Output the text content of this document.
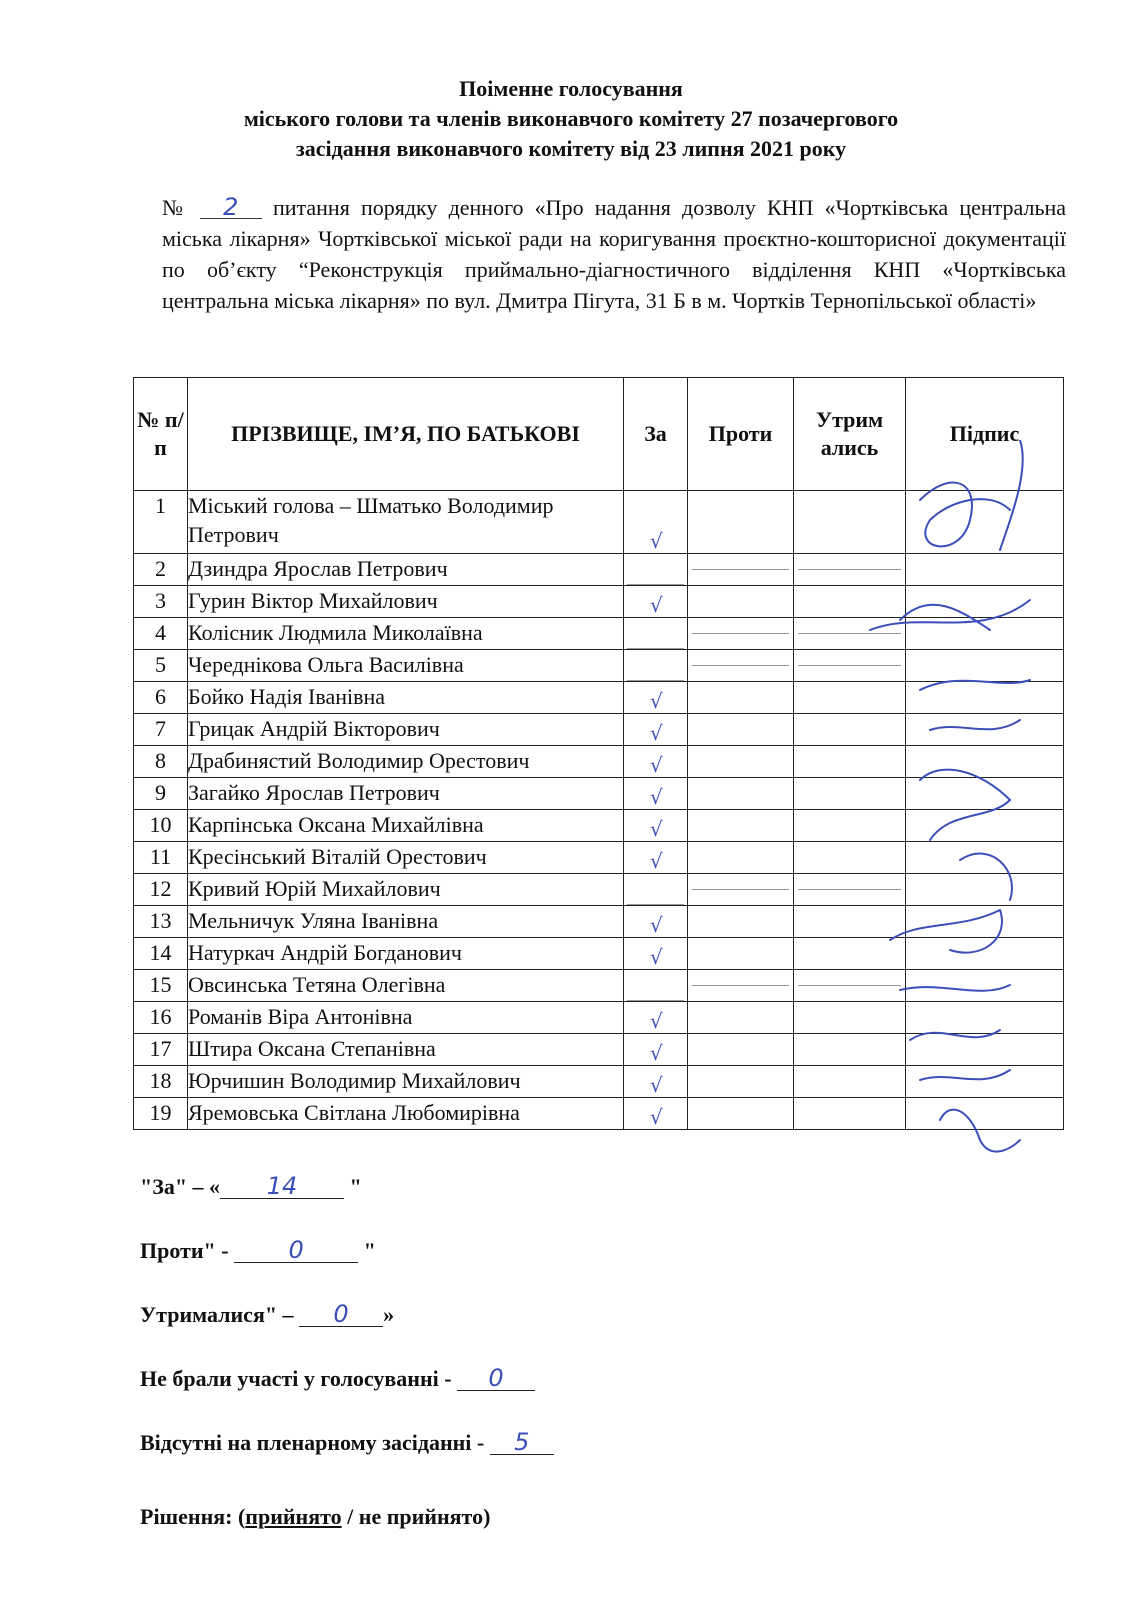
Поіменне голосування
міського голови та членів виконавчого комітету 27 позачергового
засідання виконавчого комітету від 23 липня 2021 року
№ 2 питання порядку денного «Про надання дозволу КНП «Чортківська центральна міська лікарня» Чортківської міської ради на коригування проєктно-кошторисної документації по об’єкту “Реконструкція приймально-діагностичного відділення КНП «Чортківська центральна міська лікарня» по вул. Дмитра Пігута, 31 Б в м. Чортків Тернопільської області»
№ п/п	ПРІЗВИЩЕ, ІМ’Я, ПО БАТЬКОВІ	За	Проти	Утрим ались	Підпис
1	Міський голова – Шматько Володимир Петрович	√			

2	Дзиндра Ярослав Петрович	

3	Гурин Віктор Михайлович	√			

4	Колісник Людмила Миколаївна	

5	Череднікова Ольга Василівна	

6	Бойко Надія Іванівна	√			

7	Грицак Андрій Вікторович	√			

8	Драбинястий Володимир Орестович	√			

9	Загайко Ярослав Петрович	√			

10	Карпінська Оксана Михайлівна	√			

11	Кресінський Віталій Орестович	√			

12	Кривий Юрій Михайлович	

13	Мельничук Уляна Іванівна	√			

14	Натуркач Андрій Богданович	√			

15	Овсинська Тетяна Олегівна	

16	Романів Віра Антонівна	√			

17	Штира Оксана Степанівна	√			

18	Юрчишин Володимир Михайлович	√			

19	Яремовська Світлана Любомирівна	√			

"За" – « 14 "
Проти" - 0	"
Утрималися" – 0 »
Не брали участі у голосуванні - 0
Відсутні на пленарному засіданні - 5
Рішення: (прийнято / не прийнято)
